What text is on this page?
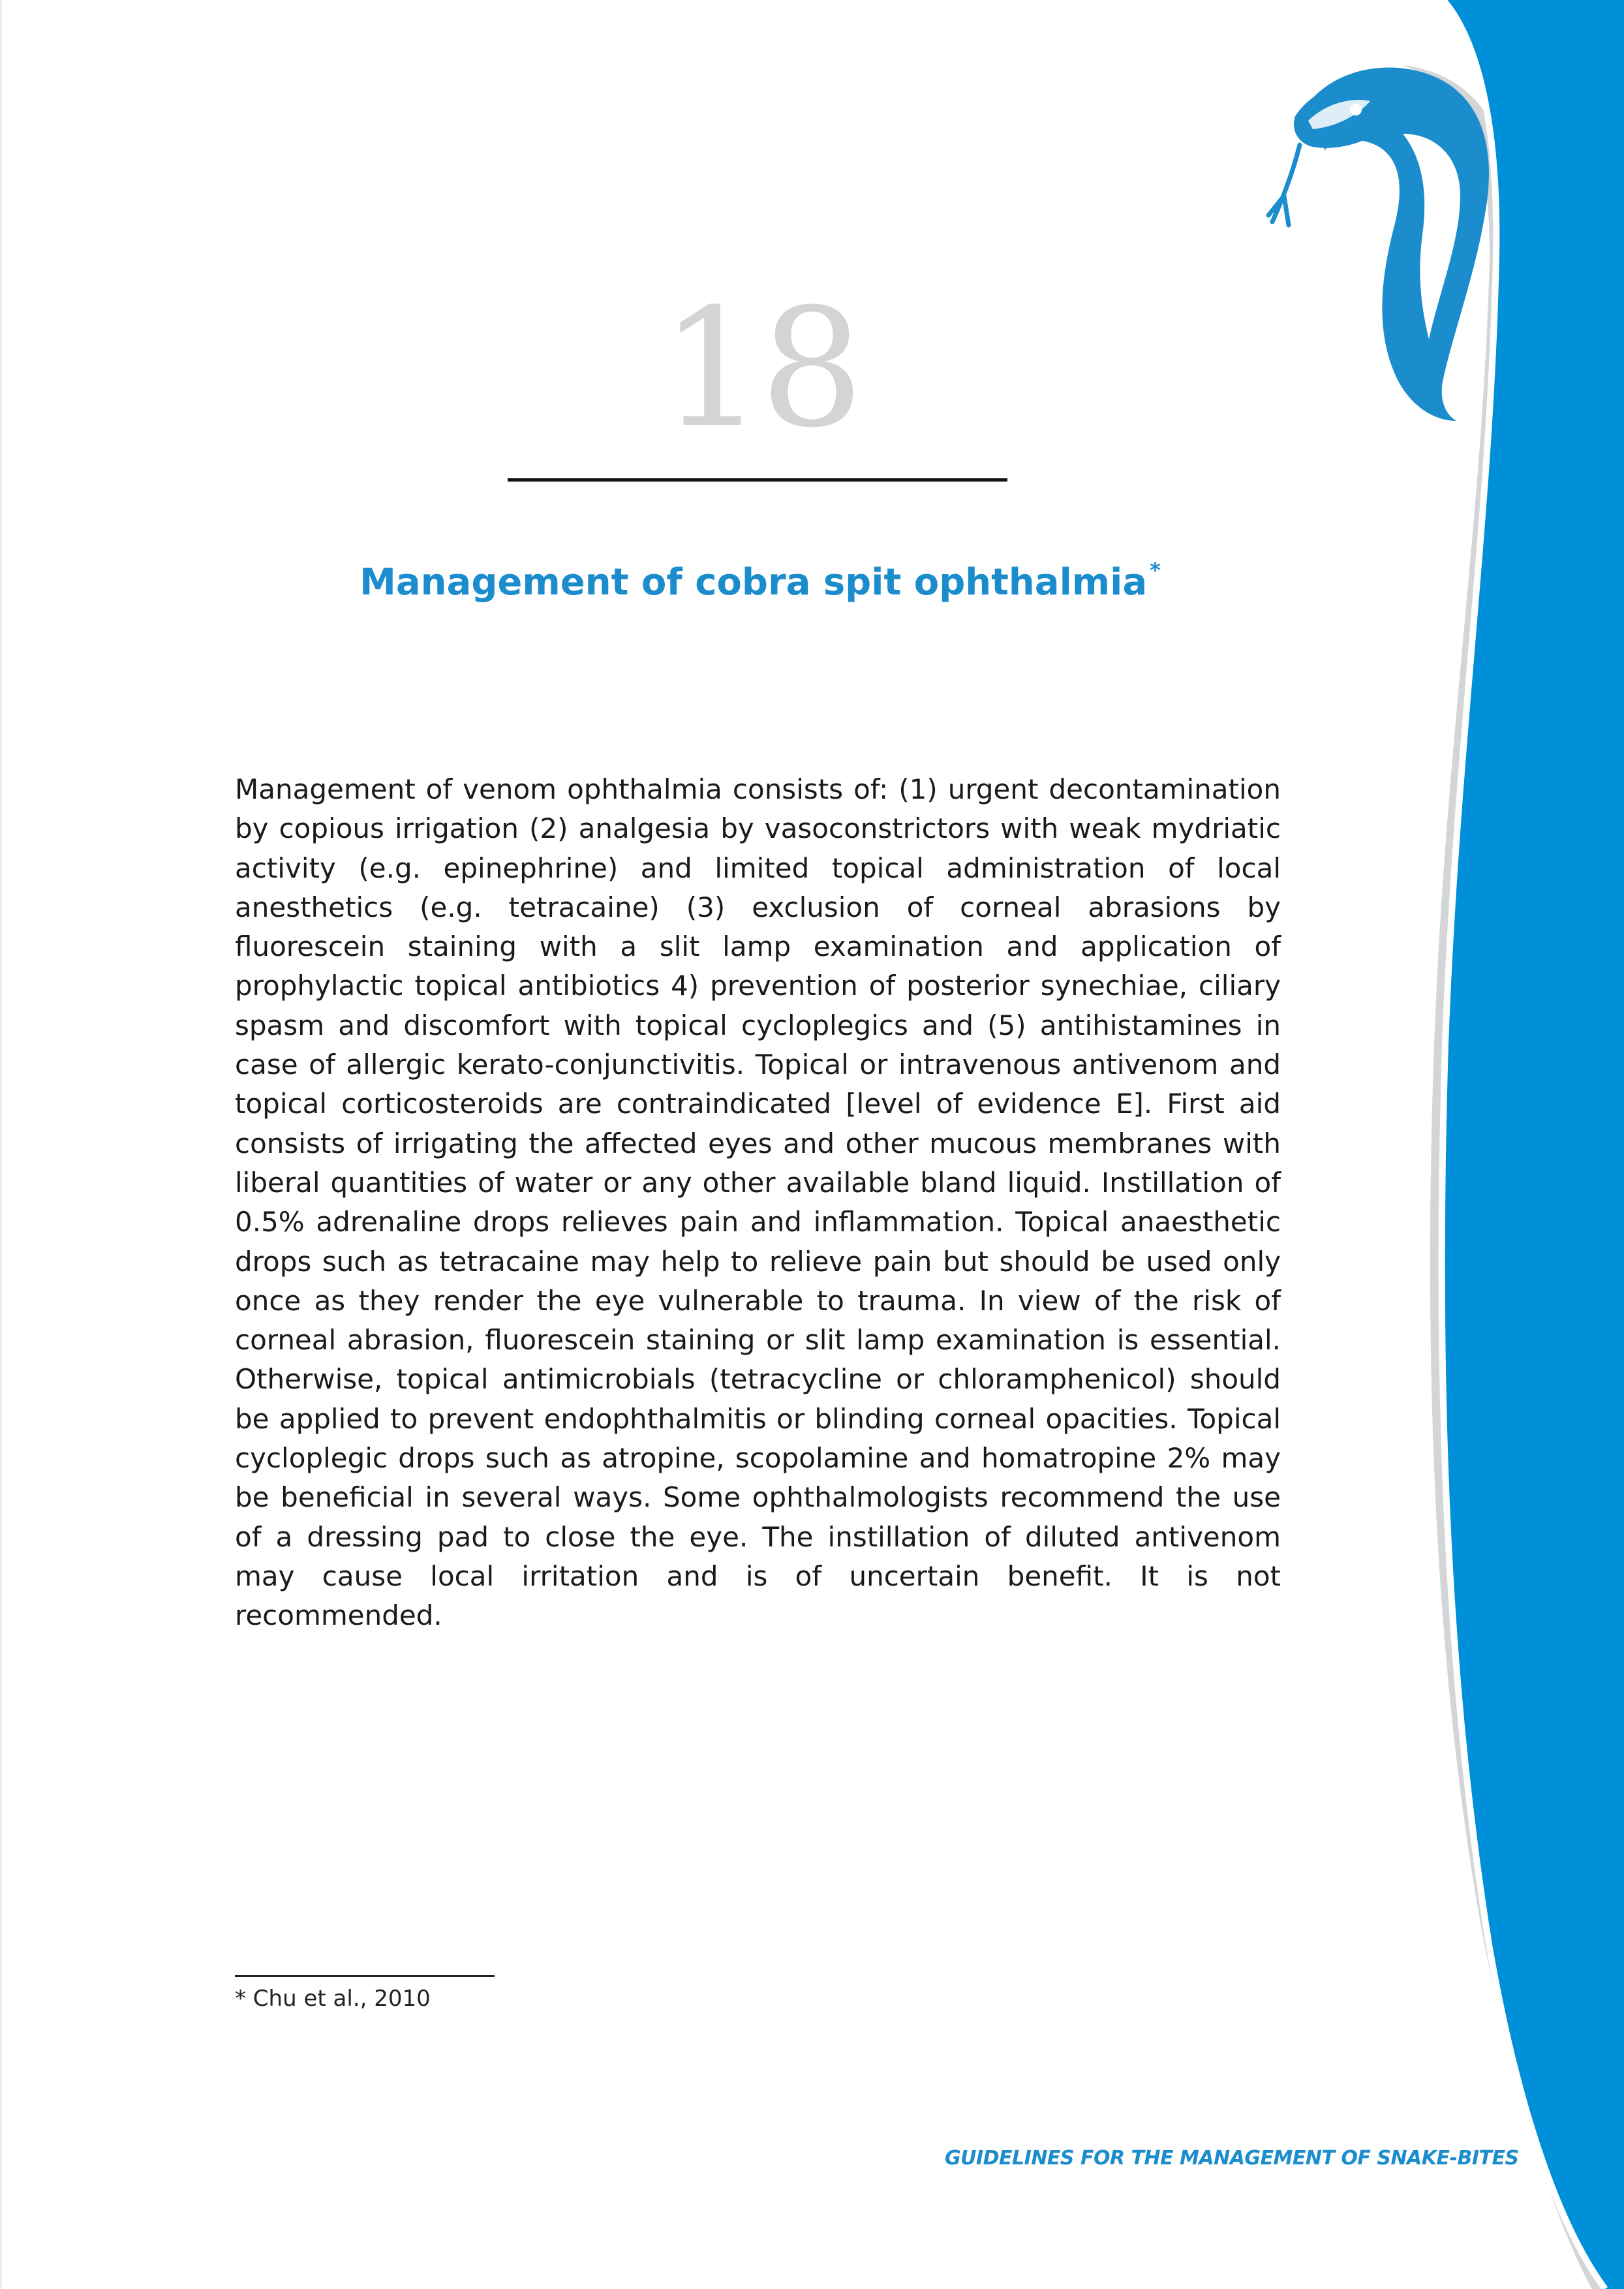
18
Management of cobra spit ophthalmia *

Management of venom ophthalmia consists of: (1) urgent decontamination by copious irrigation (2) analgesia by vasoconstrictors with weak mydriatic activity (e.g. epinephrine) and limited topical administration of local anesthetics (e.g. tetracaine) (3) exclusion of corneal abrasions by fluorescein staining with a slit lamp examination and application of prophylactic topical antibiotics 4) prevention of posterior synechiae, ciliary spasm and discomfort with topical cycloplegics and (5) antihistamines in case of allergic kerato-conjunctivitis. Topical or intravenous antivenom and topical corticosteroids are contraindicated [level of evidence E]. First aid consists of irrigating the affected eyes and other mucous membranes with liberal quantities of water or any other available bland liquid. Instillation of 0.5% adrenaline drops relieves pain and inflammation. Topical anaesthetic drops such as tetracaine may help to relieve pain but should be used only once as they render the eye vulnerable to trauma. In view of the risk of corneal abrasion, fluorescein staining or slit lamp examination is essential. Otherwise, topical antimicrobials (tetracycline or chloramphenicol) should be applied to prevent endophthalmitis or blinding corneal opacities. Topical cycloplegic drops such as atropine, scopolamine and homatropine 2% may be beneficial in several ways. Some ophthalmologists recommend the use of a dressing pad to close the eye. The instillation of diluted antivenom may cause local irritation and is of uncertain benefit. It is not recommended.

* Chu et al., 2010
GUIDELINES FOR THE MANAGEMENT OF SNAKE-BITES
